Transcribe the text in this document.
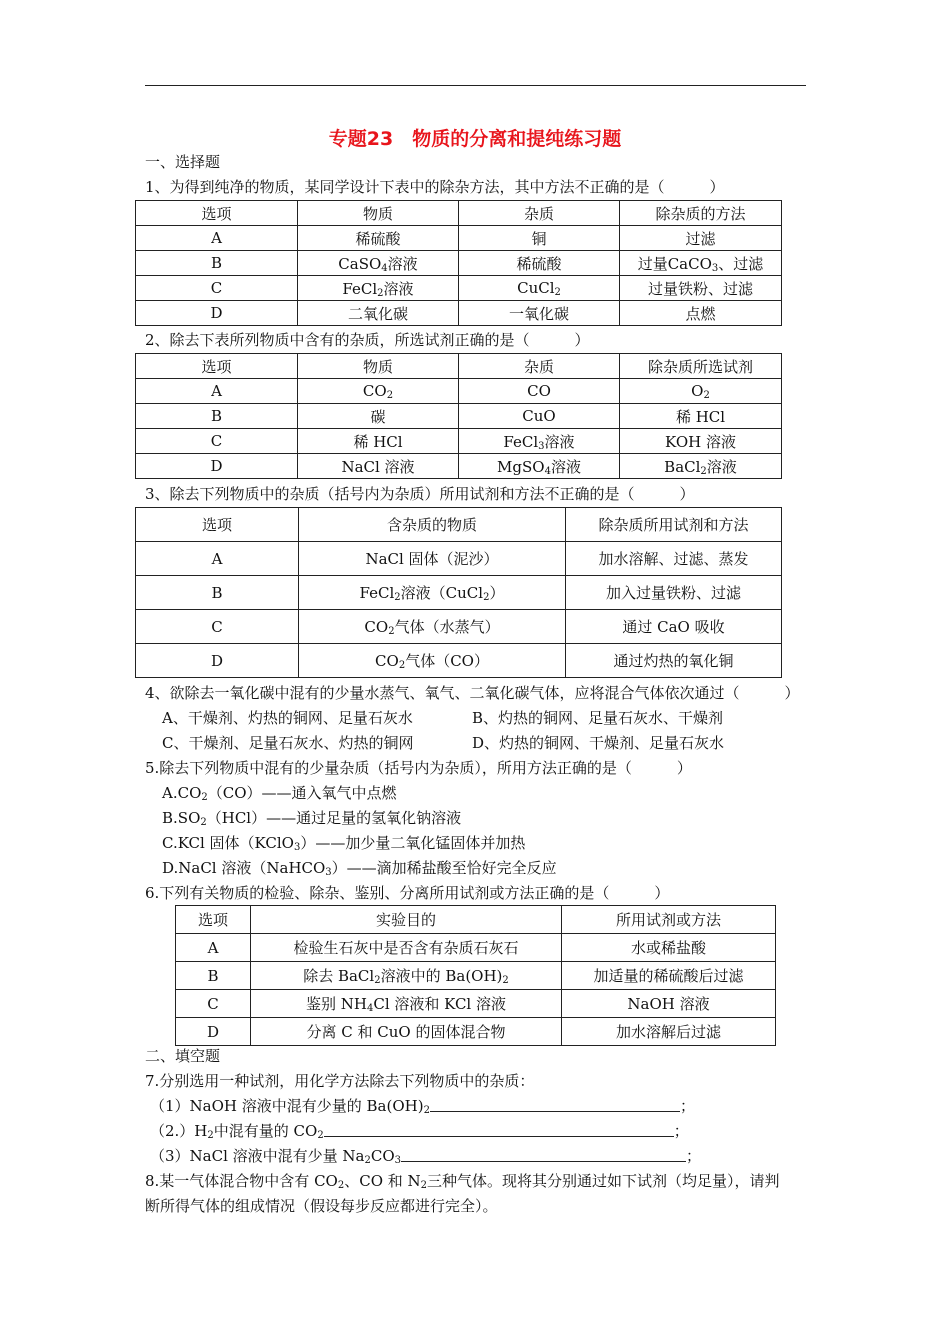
专题23　物质的分离和提纯练习题
一、选择题
1、为得到纯净的物质，某同学设计下表中的除杂方法，其中方法不正确的是（　　　）
选项	物质	杂质	除杂质的方法
A	稀硫酸	铜	过滤
B	CaSO$_4$溶液	稀硫酸	过量CaCO$_3$、过滤
C	FeCl$_2$溶液	CuCl$_2$	过量铁粉、过滤
D	二氧化碳	一氧化碳	点燃
2、除去下表所列物质中含有的杂质，所选试剂正确的是（　　　）
选项	物质	杂质	除杂质所选试剂
A	$CO_2$	CO	$O_2$
B	碳	CuO	稀 HCl
C	稀 HCl	FeCl$_3$溶液	KOH 溶液
D	NaCl 溶液	MgSO$_4$溶液	BaCl$_2$溶液
3、除去下列物质中的杂质（括号内为杂质）所用试剂和方法不正确的是（　　　）
选项	含杂质的物质	除杂质所用试剂和方法
A	NaCl 固体（泥沙）	加水溶解、过滤、蒸发
B	FeCl$_2$溶液（CuCl$_2$）	加入过量铁粉、过滤
C	$CO_2$气体（水蒸气）	通过 CaO 吸收
D	$CO_2$气体（CO）	通过灼热的氧化铜
4、欲除去一氧化碳中混有的少量水蒸气、氧气、二氧化碳气体，应将混合气体依次通过（　　　）
A、干燥剂、灼热的铜网、足量石灰水	B、灼热的铜网、足量石灰水、干燥剂
C、干燥剂、足量石灰水、灼热的铜网	D、灼热的铜网、干燥剂、足量石灰水
5.除去下列物质中混有的少量杂质（括号内为杂质），所用方法正确的是（　　　）
$A.CO_2(CO)——$通入氧气中点燃
$B.SO_2(HCl)——$通过足量的氢氧化钠溶液
C.KCl 固体（KClO$_3$）——加少量二氧化锰固体并加热
D.NaCl 溶液（NaHCO$_3$）——滴加稀盐酸至恰好完全反应
6.下列有关物质的检验、除杂、鉴别、分离所用试剂或方法正确的是（　　　）
选项	实验目的	所用试剂或方法
A	检验生石灰中是否含有杂质石灰石	水或稀盐酸
B	除去 BaCl$_2$溶液中的 $Ba(OH)_2$	加适量的稀硫酸后过滤
C	鉴别 $NH_4Cl$ 溶液和 KCl 溶液	NaOH 溶液
D	分离 C 和 CuO 的固体混合物	加水溶解后过滤
二、填空题
7.分别选用一种试剂，用化学方法除去下列物质中的杂质：
（1）NaOH 溶液中混有少量的 $Ba(OH)_2$	；
$(2.)H_2$中混有量的 $CO_2$	；
（3）NaCl 溶液中混有少量 $Na_2CO_3$	；
8.某一气体混合物中含有 $CO_2$、CO 和 $N_2$三种气体。现将其分别通过如下试剂（均足量），请判
断所得气体的组成情况（假设每步反应都进行完全）。
